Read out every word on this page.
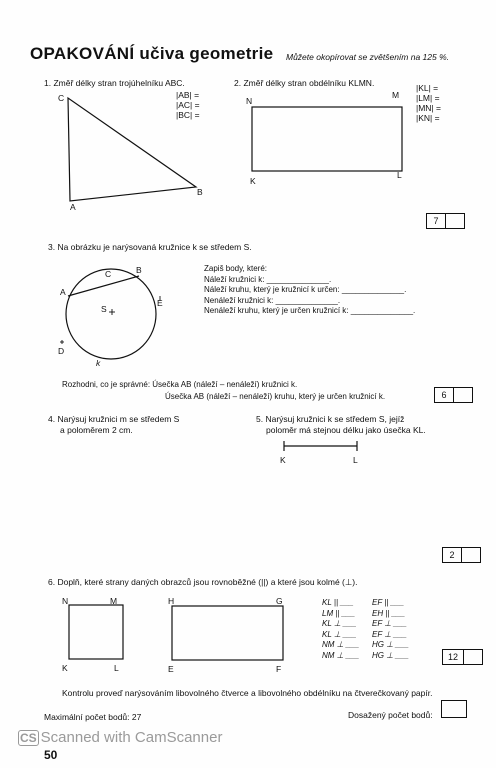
OPAKOVÁNÍ učiva geometrie Můžete okopírovat se zvětšením na 125 %.
1. Změř délky stran trojúhelníku ABC.
|AB| =
|AC| =
|BC| =
2. Změř délky stran obdélníku KLMN.	|KL| =
|LM| =
|MN| =
|KN| =
C
A
B
N
M
K
L
7
3. Na obrázku je narýsovaná kružnice k se středem S.
A
B
C
D
E
S
k
Zapiš body, které:
Náleží kružnici k: ______________.
Náleží kruhu, který je kružnicí k určen: ______________.
Nenáleží kružnici k: ______________.
Nenáleží kruhu, který je určen kružnicí k: ______________.
Rozhodni, co je správné: Úsečka AB (náleží – nenáleží) kružnici k.
Úsečka AB (náleží – nenáleží) kruhu, který je určen kružnicí k.	6
4. Narýsuj kružnici m se středem S
a poloměrem 2 cm.
5. Narýsuj kružnici k se středem S, jejíž
poloměr má stejnou délku jako úsečka KL.
K	L
2
6. Doplň, které strany daných obrazců jsou rovnoběžné (||) a které jsou kolmé (⊥).
N	M
K	L
H	G
E	F
KL || ___
LM || ___
KL ⊥ ___
KL ⊥ ___
NM ⊥ ___
NM ⊥ ___
EF || ___
EH || ___
EF ⊥ ___
EF ⊥ ___
HG ⊥ ___
HG ⊥ ___	12
Kontrolu proveď narýsováním libovolného čtverce a libovolného obdélníku na čtverečkovaný papír.
Maximální počet bodů: 27	Dosažený počet bodů:
CS Scanned with CamScanner
50
